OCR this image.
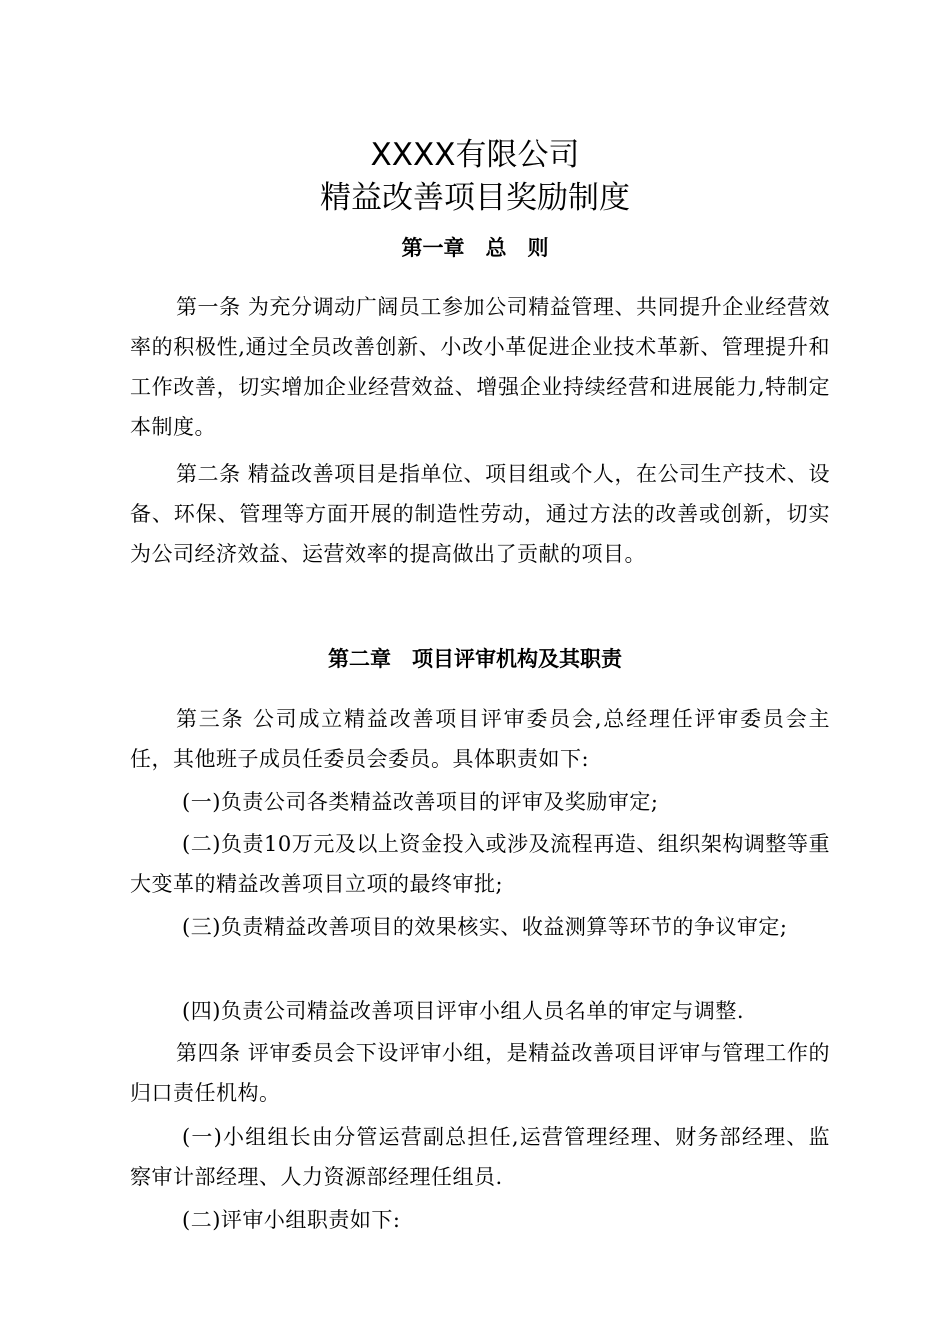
XXXX有限公司
精益改善项目奖励制度
第一章　总　则

第一条 为充分调动广阔员工参加公司精益管理、共同提升企业经营效率的积极性,通过全员改善创新、小改小革促进企业技术革新、管理提升和工作改善，切实增加企业经营效益、增强企业持续经营和进展能力,特制定本制度。

第二条 精益改善项目是指单位、项目组或个人，在公司生产技术、设备、环保、管理等方面开展的制造性劳动，通过方法的改善或创新，切实为公司经济效益、运营效率的提高做出了贡献的项目。

第二章　项目评审机构及其职责

第三条 公司成立精益改善项目评审委员会,总经理任评审委员会主任，其他班子成员任委员会委员。具体职责如下:

(一)负责公司各类精益改善项目的评审及奖励审定;

(二)负责10万元及以上资金投入或涉及流程再造、组织架构调整等重大变革的精益改善项目立项的最终审批;

(三)负责精益改善项目的效果核实、收益测算等环节的争议审定;

(四)负责公司精益改善项目评审小组人员名单的审定与调整.

第四条 评审委员会下设评审小组，是精益改善项目评审与管理工作的归口责任机构。

(一)小组组长由分管运营副总担任,运营管理经理、财务部经理、监察审计部经理、人力资源部经理任组员.

(二)评审小组职责如下:
